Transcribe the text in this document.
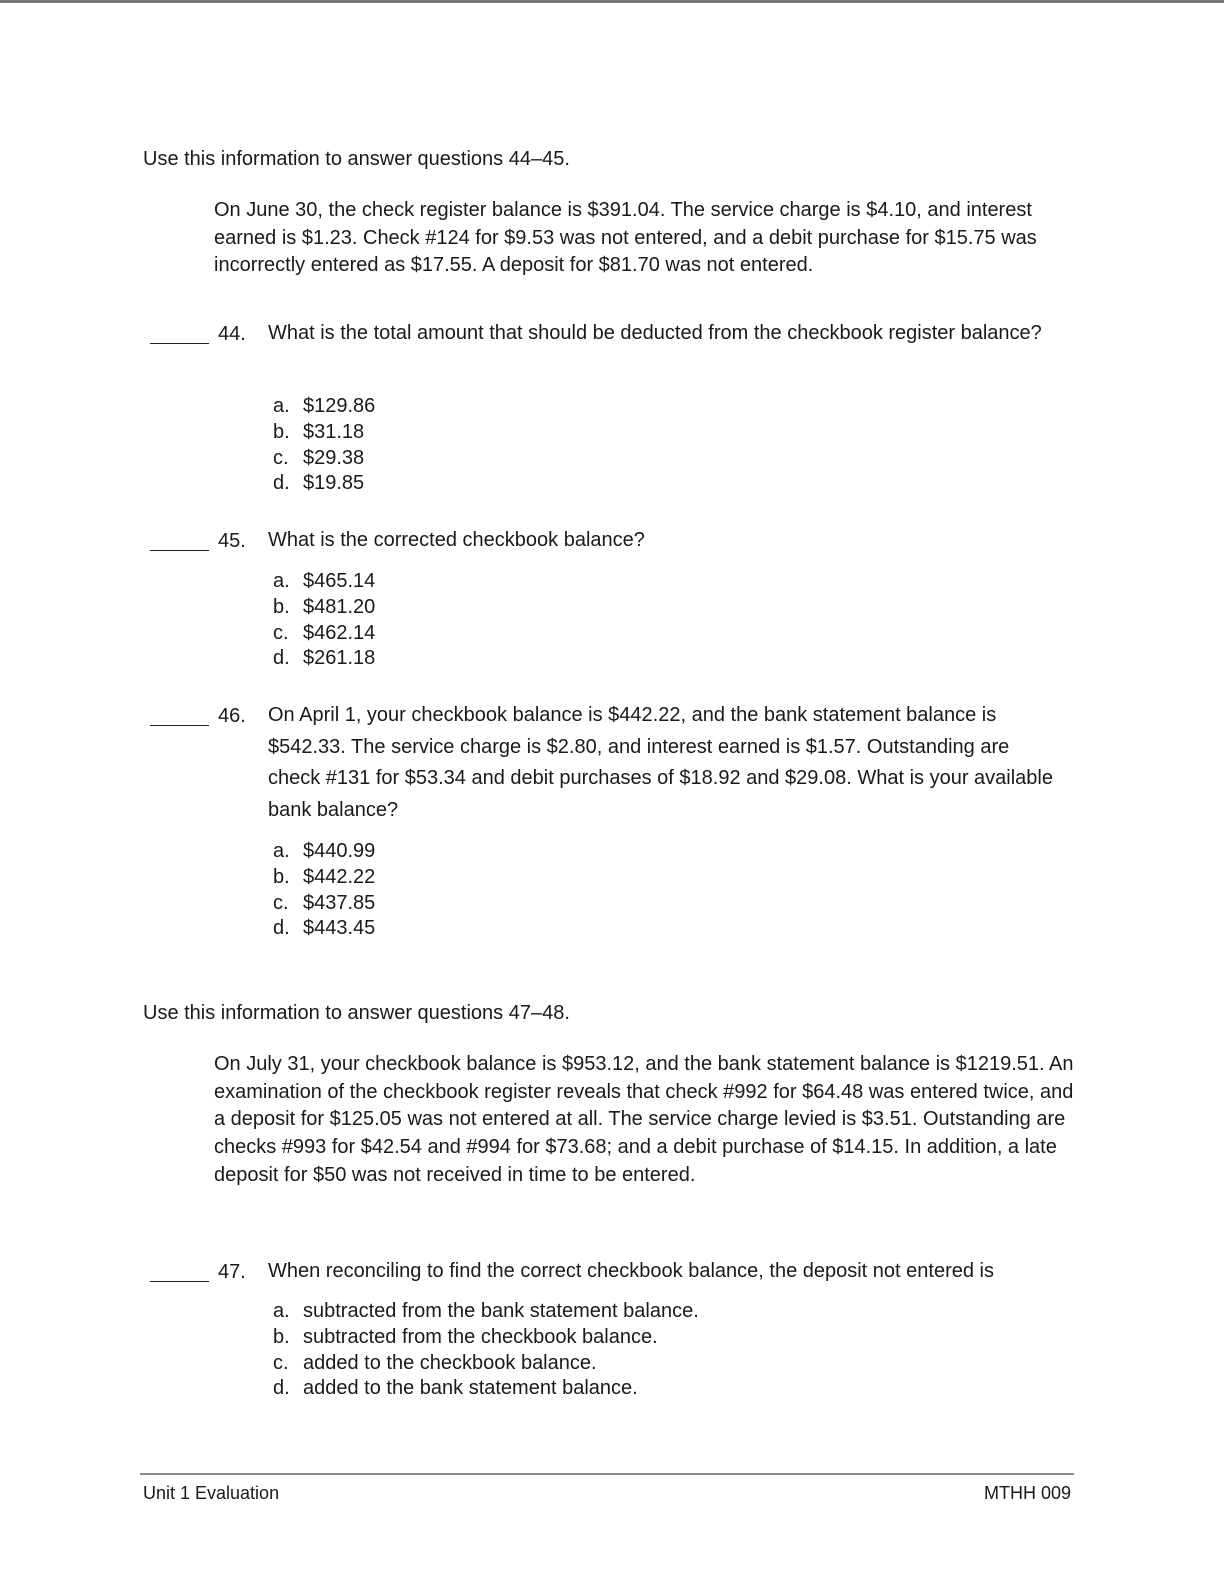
Use this information to answer questions 44–45.
On June 30, the check register balance is $391.04. The service charge is $4.10, and interest earned is $1.23. Check #124 for $9.53 was not entered, and a debit purchase for $15.75 was incorrectly entered as $17.55. A deposit for $81.70 was not entered.
44. What is the total amount that should be deducted from the checkbook register balance?
a. $129.86
b. $31.18
c. $29.38
d. $19.85
45. What is the corrected checkbook balance?
a. $465.14
b. $481.20
c. $462.14
d. $261.18
46. On April 1, your checkbook balance is $442.22, and the bank statement balance is $542.33. The service charge is $2.80, and interest earned is $1.57. Outstanding are check #131 for $53.34 and debit purchases of $18.92 and $29.08. What is your available bank balance?
a. $440.99
b. $442.22
c. $437.85
d. $443.45
Use this information to answer questions 47–48.
On July 31, your checkbook balance is $953.12, and the bank statement balance is $1219.51. An examination of the checkbook register reveals that check #992 for $64.48 was entered twice, and a deposit for $125.05 was not entered at all. The service charge levied is $3.51. Outstanding are checks #993 for $42.54 and #994 for $73.68; and a debit purchase of $14.15. In addition, a late deposit for $50 was not received in time to be entered.
47. When reconciling to find the correct checkbook balance, the deposit not entered is
a. subtracted from the bank statement balance.
b. subtracted from the checkbook balance.
c. added to the checkbook balance.
d. added to the bank statement balance.
Unit 1 Evaluation	MTHH 009
